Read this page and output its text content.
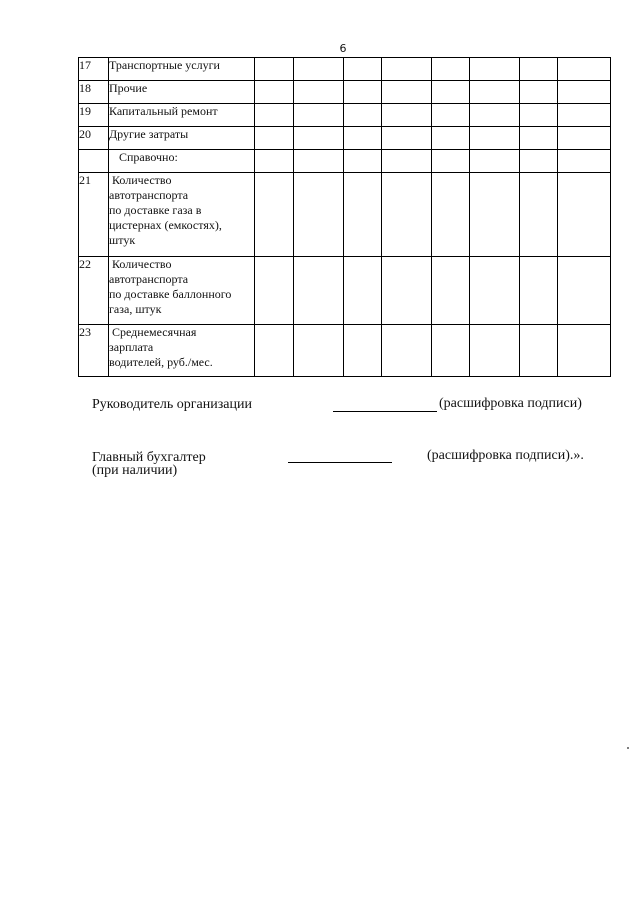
6
17	Транспортные услуги								

18	Прочие								

19	Капитальный ремонт								

20	Другие затраты								

	Справочно:								

21	Количество
автотранспорта
по доставке газа в
цистернах (емкостях),
штук								

22	Количество
автотранспорта
по доставке баллонного
газа, штук								

23	Среднемесячная
зарплата
водителей, руб./мес.								

Руководитель организации	(расшифровка подписи)
Главный бухгалтер
(при наличии)
(расшифровка подписи).».
